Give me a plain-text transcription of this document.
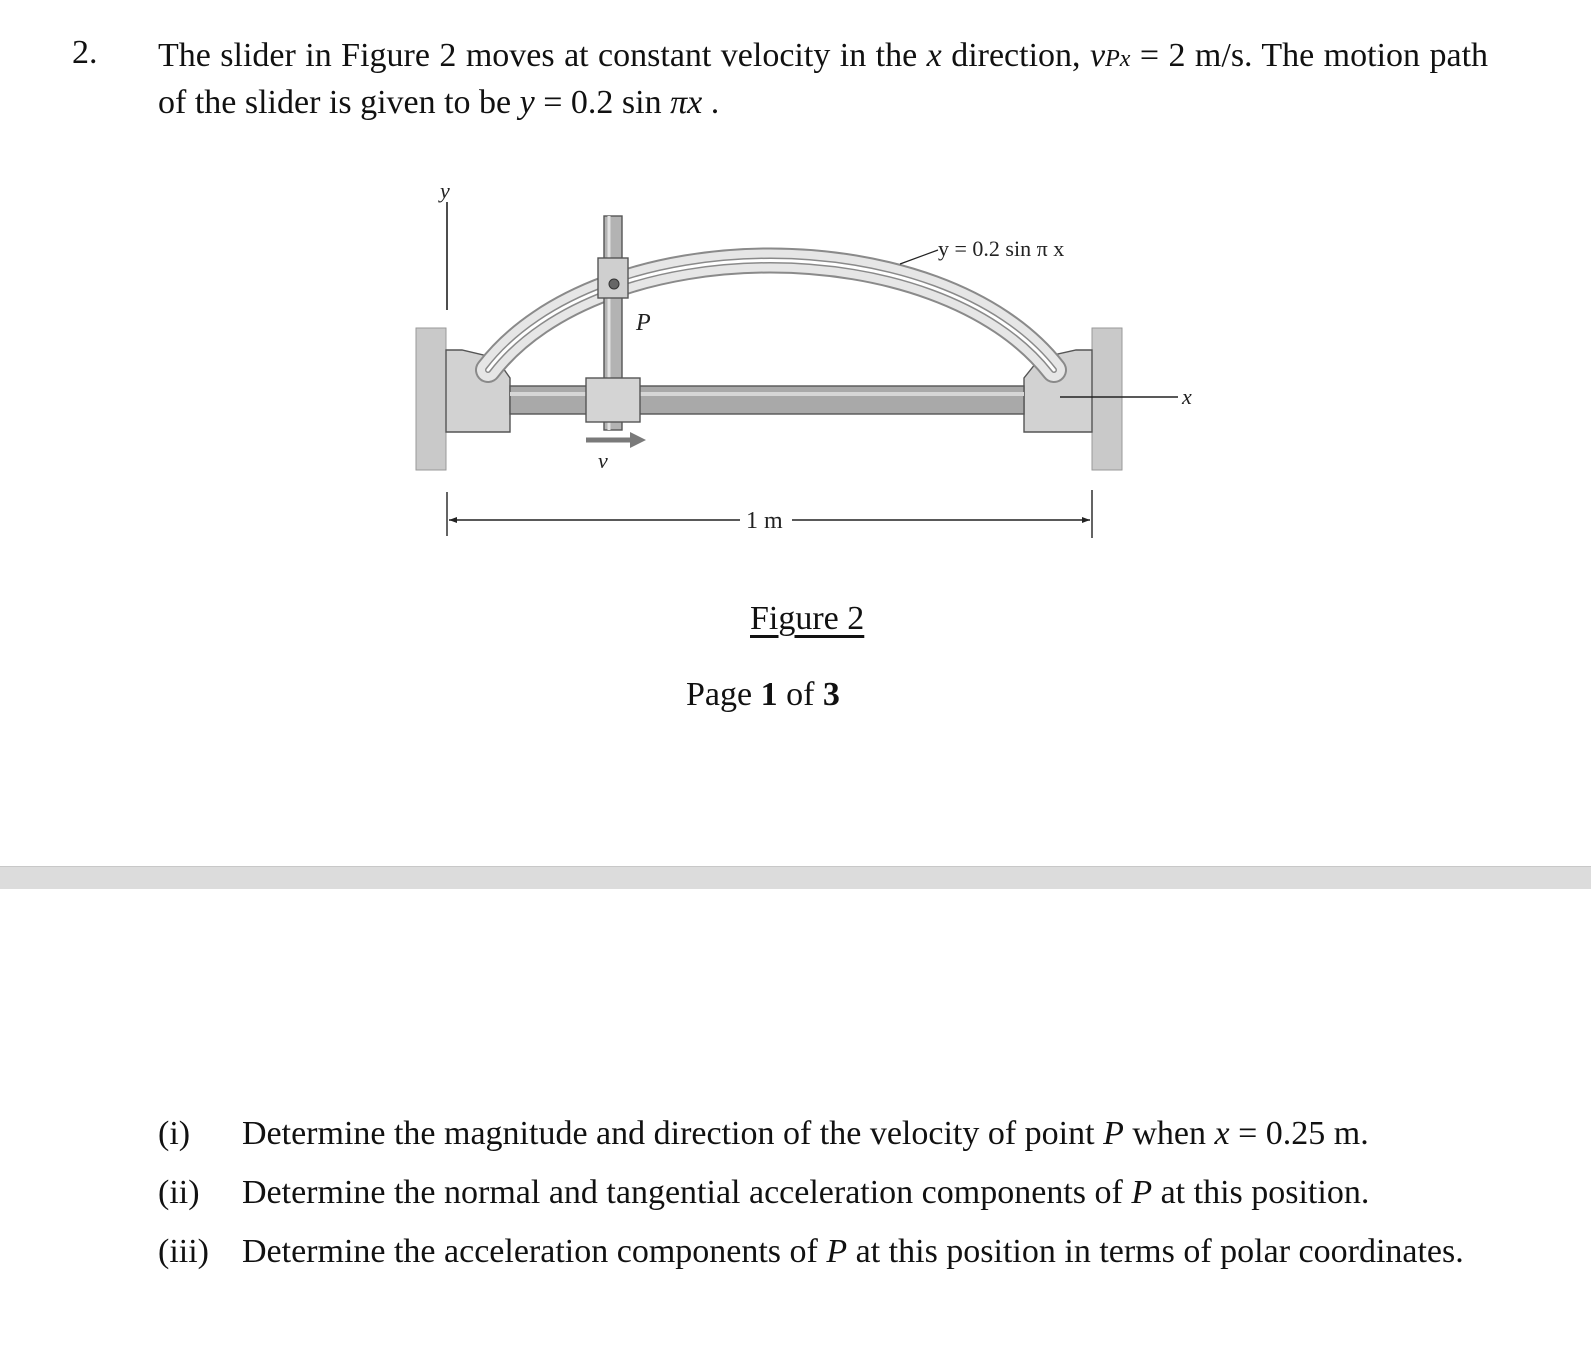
2. The slider in Figure 2 moves at constant velocity in the x direction, vPx = 2 m/s. The motion path of the slider is given to be y = 0.2 sin πx .

y
x
y = 0.2 sin π x
P
v
1 m
Figure 2
Page 1 of 3
(i)	Determine the magnitude and direction of the velocity of point P when x = 0.25 m.
(ii)	Determine the normal and tangential acceleration components of P at this position.
(iii) Determine the acceleration components of P at this position in terms of polar coordinates.
